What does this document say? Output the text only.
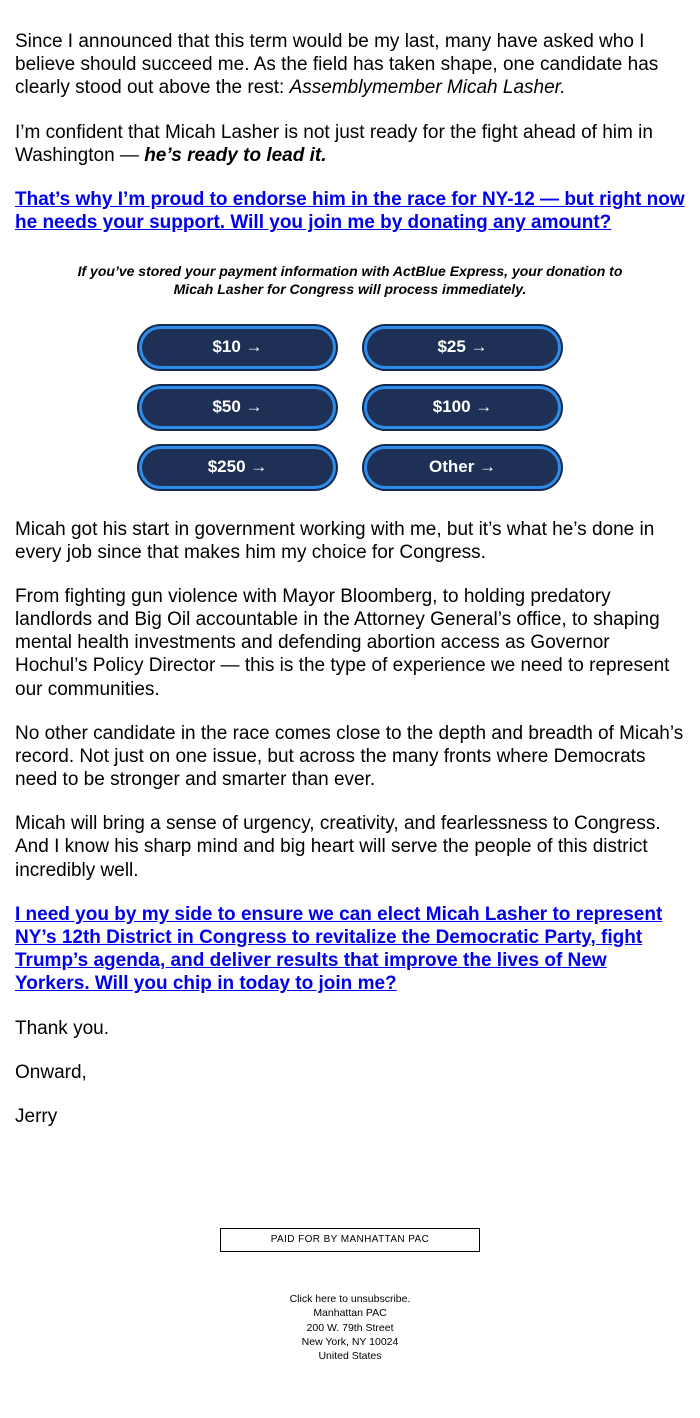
Since I announced that this term would be my last, many have asked who I believe should succeed me. As the field has taken shape, one candidate has clearly stood out above the rest: Assemblymember Micah Lasher.

I’m confident that Micah Lasher is not just ready for the fight ahead of him in Washington — he’s ready to lead it.

That’s why I’m proud to endorse him in the race for NY-12 — but right now he needs your support. Will you join me by donating any amount?

If you’ve stored your payment information with ActBlue Express, your donation to Micah Lasher for Congress will process immediately.
$10 →	$25 →
$50 →	$100 →
$250 →	Other →

Micah got his start in government working with me, but it’s what he’s done in every job since that makes him my choice for Congress.

From fighting gun violence with Mayor Bloomberg, to holding predatory landlords and Big Oil accountable in the Attorney General’s office, to shaping mental health investments and defending abortion access as Governor Hochul’s Policy Director — this is the type of experience we need to represent our communities.

No other candidate in the race comes close to the depth and breadth of Micah’s record. Not just on one issue, but across the many fronts where Democrats need to be stronger and smarter than ever.

Micah will bring a sense of urgency, creativity, and fearlessness to Congress. And I know his sharp mind and big heart will serve the people of this district incredibly well.

I need you by my side to ensure we can elect Micah Lasher to represent NY’s 12th District in Congress to revitalize the Democratic Party, fight Trump’s agenda, and deliver results that improve the lives of New Yorkers. Will you chip in today to join me?

Thank you.

Onward,

Jerry

PAID FOR BY MANHATTAN PAC
Click here to unsubscribe.
Manhattan PAC
200 W. 79th Street
New York, NY 10024
United States
